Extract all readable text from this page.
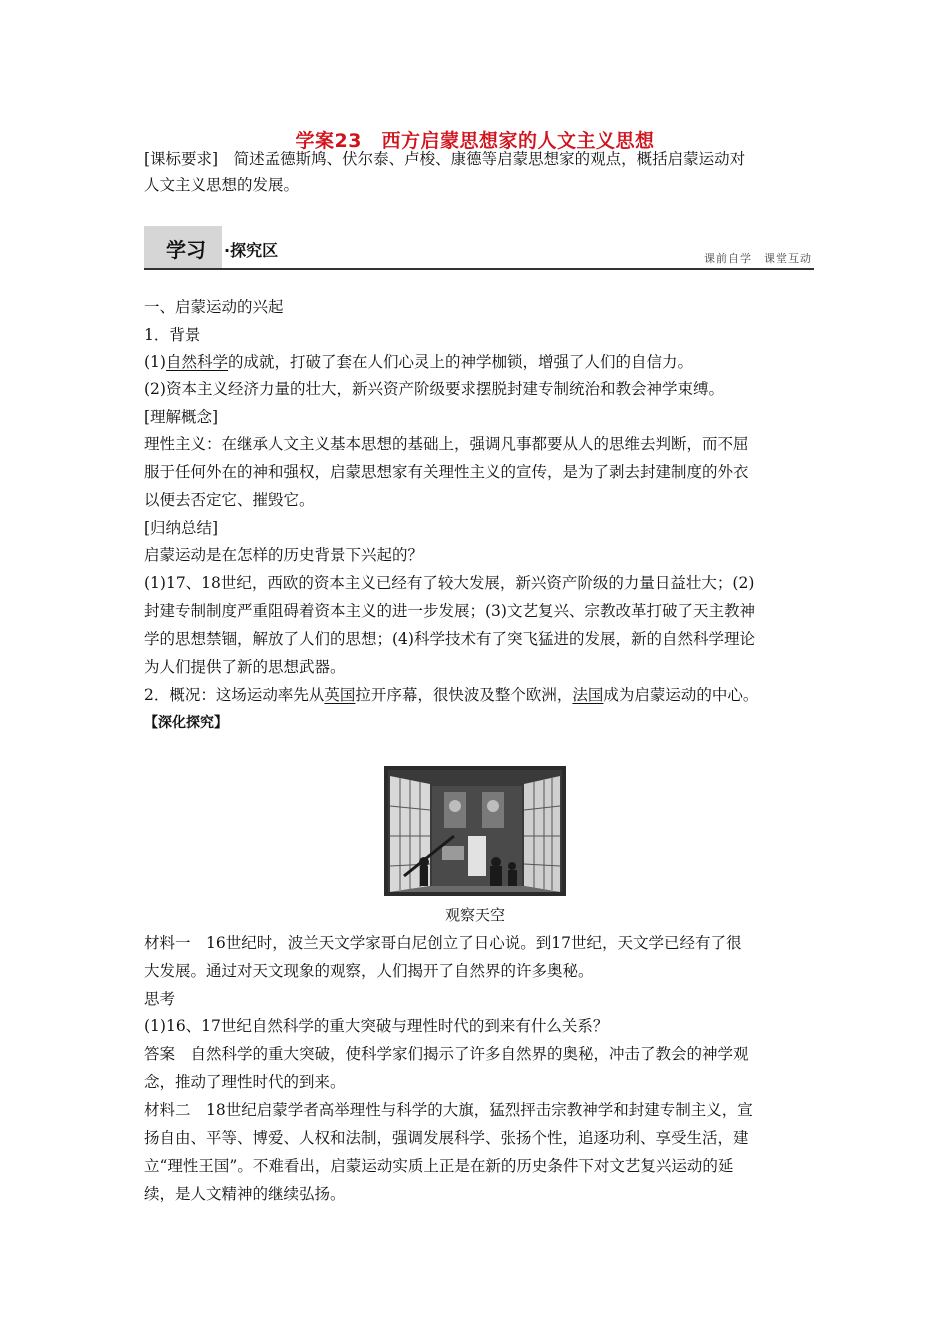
学案23　西方启蒙思想家的人文主义思想
[课标要求]　简述孟德斯鸠、伏尔泰、卢梭、康德等启蒙思想家的观点，概括启蒙运动对
人文主义思想的发展。
学习 ·探究区	课前自学　课堂互动
一、启蒙运动的兴起
1．背景
(1)自然科学的成就，打破了套在人们心灵上的神学枷锁，增强了人们的自信力。
(2)资本主义经济力量的壮大，新兴资产阶级要求摆脱封建专制统治和教会神学束缚。
[理解概念]
理性主义：在继承人文主义基本思想的基础上，强调凡事都要从人的思维去判断，而不屈
服于任何外在的神和强权，启蒙思想家有关理性主义的宣传，是为了剥去封建制度的外衣
以便去否定它、摧毁它。
[归纳总结]
启蒙运动是在怎样的历史背景下兴起的？
(1)17、18世纪，西欧的资本主义已经有了较大发展，新兴资产阶级的力量日益壮大；(2)
封建专制制度严重阻碍着资本主义的进一步发展；(3)文艺复兴、宗教改革打破了天主教神
学的思想禁锢，解放了人们的思想；(4)科学技术有了突飞猛进的发展，新的自然科学理论
为人们提供了新的思想武器。
2．概况：这场运动率先从英国拉开序幕，很快波及整个欧洲，法国成为启蒙运动的中心。
【深化探究】
观察天空
材料一　16世纪时，波兰天文学家哥白尼创立了日心说。到17世纪，天文学已经有了很
大发展。通过对天文现象的观察，人们揭开了自然界的许多奥秘。
思考
(1)16、17世纪自然科学的重大突破与理性时代的到来有什么关系？
答案　自然科学的重大突破，使科学家们揭示了许多自然界的奥秘，冲击了教会的神学观
念，推动了理性时代的到来。
材料二　18世纪启蒙学者高举理性与科学的大旗，猛烈抨击宗教神学和封建专制主义，宣
扬自由、平等、博爱、人权和法制，强调发展科学、张扬个性，追逐功利、享受生活，建
立“理性王国”。不难看出，启蒙运动实质上正是在新的历史条件下对文艺复兴运动的延
续，是人文精神的继续弘扬。
